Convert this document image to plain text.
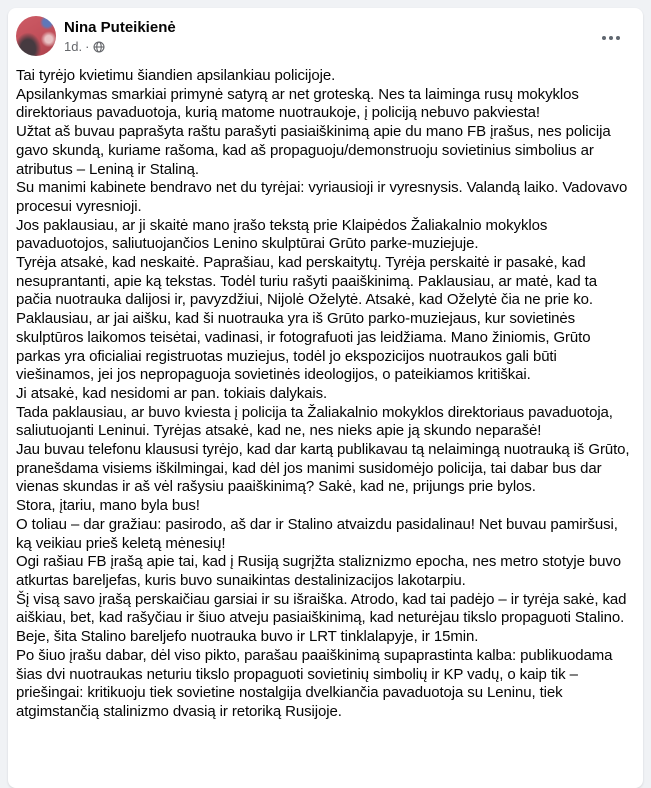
Nina Puteikienė
1d. ·
Tai tyrėjo kvietimu šiandien apsilankiau policijoje.
Apsilankymas smarkiai primynė satyrą ar net groteską. Nes ta laiminga rusų mokyklos direktoriaus pavaduotoja, kurią matome nuotraukoje, į policiją nebuvo pakviesta!
Užtat aš buvau paprašyta raštu parašyti pasiaiškinimą apie du mano FB įrašus, nes policija gavo skundą, kuriame rašoma, kad aš propaguoju/demonstruoju sovietinius simbolius ar atributus – Leniną ir Staliną.
Su manimi kabinete bendravo net du tyrėjai: vyriausioji ir vyresnysis. Valandą laiko. Vadovavo procesui vyresnioji.
Jos paklausiau, ar ji skaitė mano įrašo tekstą prie Klaipėdos Žaliakalnio mokyklos pavaduotojos, saliutuojančios Lenino skulptūrai Grūto parke-muziejuje.
Tyrėja atsakė, kad neskaitė. Paprašiau, kad perskaitytų. Tyrėja perskaitė ir pasakė, kad nesuprantanti, apie ką tekstas. Todėl turiu rašyti paaiškinimą. Paklausiau, ar matė, kad ta pačia nuotrauka dalijosi ir, pavyzdžiui, Nijolė Oželytė. Atsakė, kad Oželytė čia ne prie ko. Paklausiau, ar jai aišku, kad ši nuotrauka yra iš Grūto parko-muziejaus, kur sovietinės skulptūros laikomos teisėtai, vadinasi, ir fotografuoti jas leidžiama. Mano žiniomis, Grūto parkas yra oficialiai registruotas muziejus, todėl jo ekspozicijos nuotraukos gali būti viešinamos, jei jos nepropaguoja sovietinės ideologijos, o pateikiamos kritiškai.
Ji atsakė, kad nesidomi ar pan. tokiais dalykais.
Tada paklausiau, ar buvo kviesta į policija ta Žaliakalnio mokyklos direktoriaus pavaduotoja, saliutuojanti Leninui. Tyrėjas atsakė, kad ne, nes nieks apie ją skundo neparašė!
Jau buvau telefonu klaususi tyrėjo, kad dar kartą publikavau tą nelaimingą nuotrauką iš Grūto, pranešdama visiems iškilmingai, kad dėl jos manimi susidomėjo policija, tai dabar bus dar vienas skundas ir aš vėl rašysiu paaiškinimą? Sakė, kad ne, prijungs prie bylos.
Stora, įtariu, mano byla bus!
O toliau – dar gražiau: pasirodo, aš dar ir Stalino atvaizdu pasidalinau! Net buvau pamiršusi, ką veikiau prieš keletą mėnesių!
Ogi rašiau FB įrašą apie tai, kad į Rusiją sugrįžta staliznizmo epocha, nes metro stotyje buvo atkurtas bareljefas, kuris buvo sunaikintas destalinizacijos lakotarpiu.
Šį visą savo įrašą perskaičiau garsiai ir su išraiška. Atrodo, kad tai padėjo – ir tyrėja sakė, kad aiškiau, bet, kad rašyčiau ir šiuo atveju pasiaiškinimą, kad neturėjau tikslo propaguoti Stalino.
Beje, šita Stalino bareljefo nuotrauka buvo ir LRT tinklalapyje, ir 15min.
Po šiuo įrašu dabar, dėl viso pikto, parašau paaiškinimą supaprastinta kalba: publikuodama šias dvi nuotraukas neturiu tikslo propaguoti sovietinių simbolių ir KP vadų, o kaip tik – priešingai: kritikuoju tiek sovietine nostalgija dvelkiančia pavaduotoja su Leninu, tiek atgimstančią stalinizmo dvasią ir retoriką Rusijoje.
